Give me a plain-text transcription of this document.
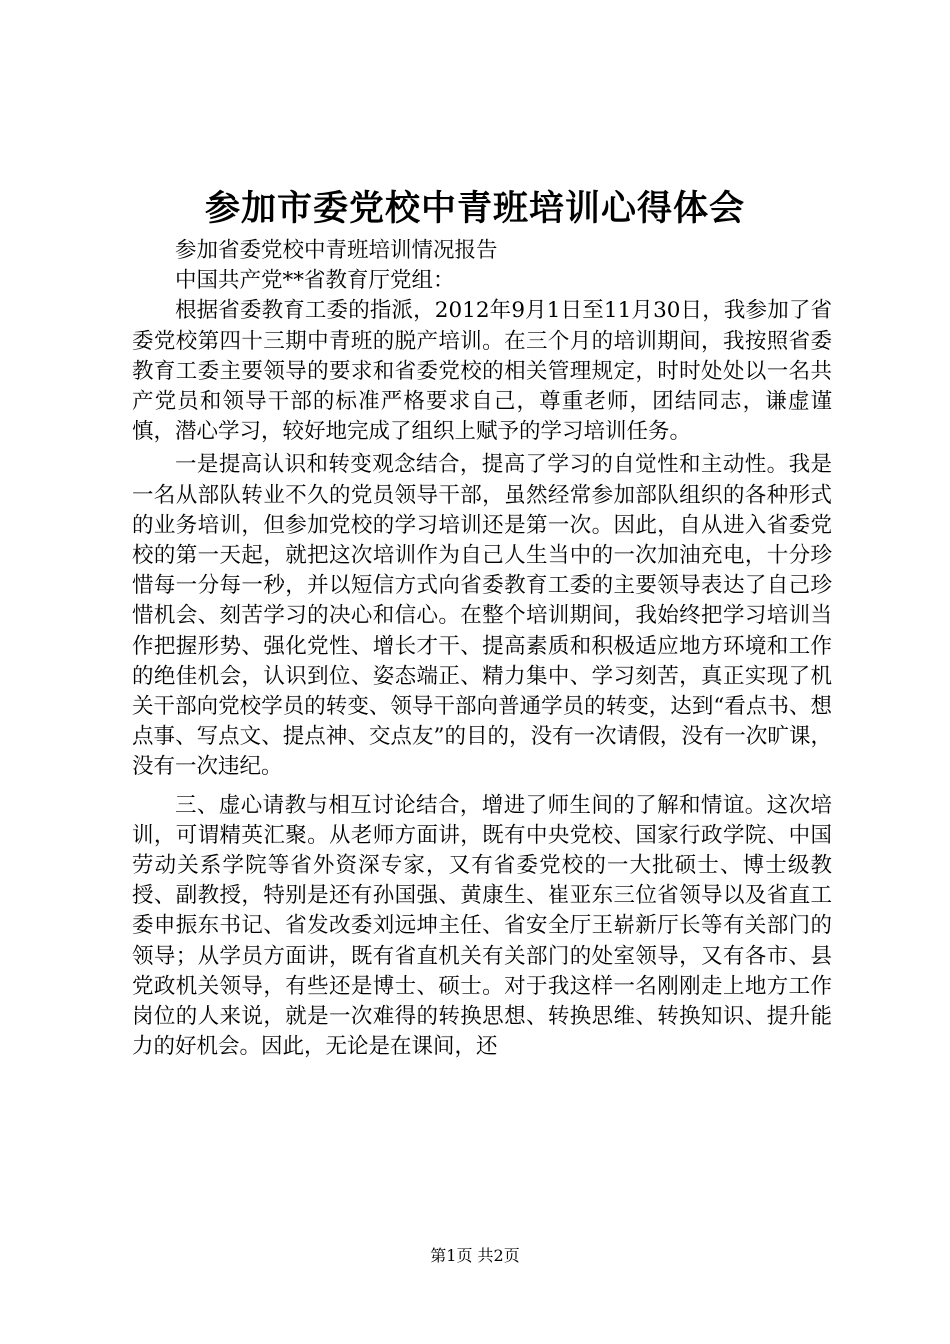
参加市委党校中青班培训心得体会

参加省委党校中青班培训情况报告

中国共产党**省教育厅党组：

根据省委教育工委的指派，2012年9月1日至11月30日，我参加了省委党校第四十三期中青班的脱产培训。在三个月的培训期间，我按照省委教育工委主要领导的要求和省委党校的相关管理规定，时时处处以一名共产党员和领导干部的标准严格要求自己，尊重老师，团结同志，谦虚谨慎，潜心学习，较好地完成了组织上赋予的学习培训任务。

一是提高认识和转变观念结合，提高了学习的自觉性和主动性。我是一名从部队转业不久的党员领导干部，虽然经常参加部队组织的各种形式的业务培训，但参加党校的学习培训还是第一次。因此，自从进入省委党校的第一天起，就把这次培训作为自己人生当中的一次加油充电，十分珍惜每一分每一秒，并以短信方式向省委教育工委的主要领导表达了自己珍惜机会、刻苦学习的决心和信心。在整个培训期间，我始终把学习培训当作把握形势、强化党性、增长才干、提高素质和积极适应地方环境和工作的绝佳机会，认识到位、姿态端正、精力集中、学习刻苦，真正实现了机关干部向党校学员的转变、领导干部向普通学员的转变，达到“看点书、想点事、写点文、提点神、交点友”的目的，没有一次请假，没有一次旷课，没有一次违纪。

三、虚心请教与相互讨论结合，增进了师生间的了解和情谊。这次培训，可谓精英汇聚。从老师方面讲，既有中央党校、国家行政学院、中国劳动关系学院等省外资深专家，又有省委党校的一大批硕士、博士级教授、副教授，特别是还有孙国强、黄康生、崔亚东三位省领导以及省直工委申振东书记、省发改委刘远坤主任、省安全厅王崭新厅长等有关部门的领导；从学员方面讲，既有省直机关有关部门的处室领导，又有各市、县党政机关领导，有些还是博士、硕士。对于我这样一名刚刚走上地方工作岗位的人来说，就是一次难得的转换思想、转换思维、转换知识、提升能力的好机会。因此，无论是在课间，还

第1页 共2页
